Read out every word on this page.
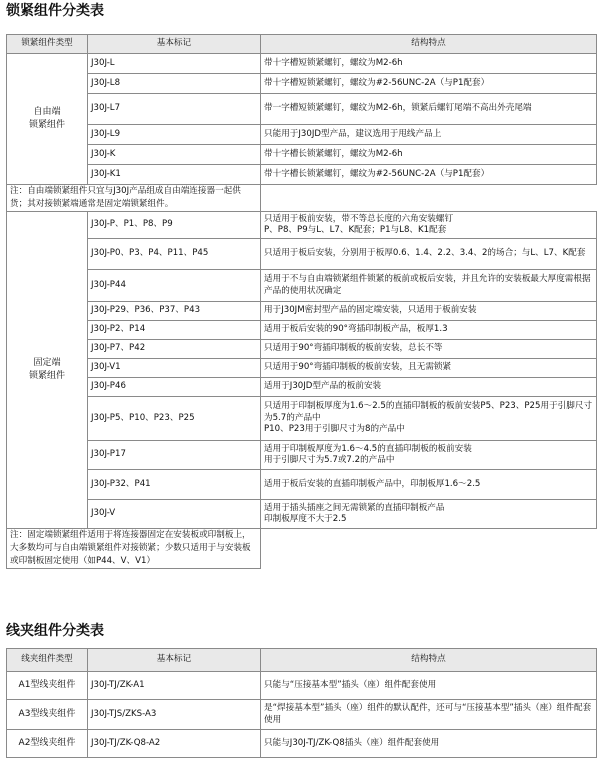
锁紧组件分类表
锁紧组件类型	基本标记	结构特点
自由端
锁紧组件	J30J-L	带十字槽短锁紧螺钉，螺纹为M2-6h
	J30J-L8	带十字槽短锁紧螺钉，螺纹为#2-56UNC-2A（与P1配套）
	J30J-L7	带一字槽短锁紧螺钉，螺纹为M2-6h，锁紧后螺钉尾端不高出外壳尾端
	J30J-L9	只能用于J30JD型产品，建议选用于甩线产品上
	J30J-K	带十字槽长锁紧螺钉，螺纹为M2-6h
	J30J-K1	带十字槽长锁紧螺钉，螺纹为#2-56UNC-2A（与P1配套）
注：自由端锁紧组件只宜与J30J产品组成自由端连接器一起供货；其对接锁紧端通常是固定端锁紧组件。		
固定端
锁紧组件	J30J-P、P1、P8、P9	只适用于板前安装，带不等总长度的六角安装螺钉
P、P8、P9与L、L7、K配套；P1与L8、K1配套
	J30J-P0、P3、P4、P11、P45	只适用于板后安装，分别用于板厚0.6、1.4、2.2、3.4、2的场合；与L、L7、K配套
	J30J-P44	适用于不与自由端锁紧组件锁紧的板前或板后安装，并且允许的安装板最大厚度需根据产品的使用状况确定
	J30J-P29、P36、P37、P43	用于J30JM密封型产品的固定端安装，只适用于板前安装
	J30J-P2、P14	适用于板后安装的90°弯插印制板产品，板厚1.3
	J30J-P7、P42	只适用于90°弯插印制板的板前安装，总长不等
	J30J-V1	只适用于90°弯插印制板的板前安装，且无需锁紧
	J30J-P46	适用于J30JD型产品的板前安装
	J30J-P5、P10、P23、P25	只适用于印制板厚度为1.6～2.5的直插印制板的板前安装P5、P23、P25用于引脚尺寸为5.7的产品中
P10、P23用于引脚尺寸为8的产品中
	J30J-P17	适用于印制板厚度为1.6～4.5的直插印制板的板前安装
用于引脚尺寸为5.7或7.2的产品中
	J30J-P32、P41	适用于板后安装的直插印制板产品中，印制板厚1.6～2.5
	J30J-V	适用于插头插座之间无需锁紧的直插印制板产品
印制板厚度不大于2.5
注：固定端锁紧组件适用于将连接器固定在安装板或印制板上，大多数均可与自由端锁紧组件对接锁紧；少数只适用于与安装板或印制板固定使用（如P44、V、V1）		
线夹组件分类表
线夹组件类型	基本标记	结构特点
A1型线夹组件	J30J-TJ/ZK-A1	只能与“压接基本型”插头（座）组件配套使用
A3型线夹组件	J30J-TJS/ZKS-A3	是“焊接基本型”插头（座）组件的默认配件，还可与“压接基本型”插头（座）组件配套使用
A2型线夹组件	J30J-TJ/ZK-Q8-A2	只能与J30J-TJ/ZK-Q8插头（座）组件配套使用
